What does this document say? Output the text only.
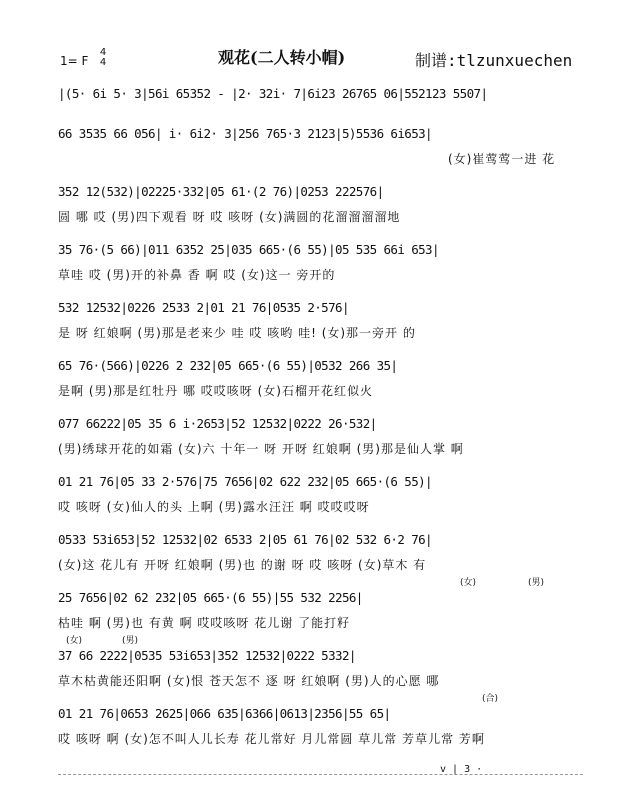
1= F
4
4	观花(二人转小帽)	制谱:tlzunxuechen
|(5· 6i 5· 3|56i 65352 - |2· 32i· 7|6i23 26765 06|552123 5507|
66 3535 66 056| i· 6i2· 3|256 765·3 2123|5)5536 6i653|
(女)崔莺莺一进 花
352 12(532)|02225·332|05 61·(2 76)|0253 222576|
圆 哪 哎 (男)四下观看 呀 哎 咳呀 (女)满圆的花溜溜溜溜地
35 76·(5 66)|011 6352 25|035 665·(6 55)|05 535 66i 653|
草哇 哎 (男)开的补鼻 香 啊 哎 (女)这一 旁开的
532 12532|0226 2533 2|01 21 76|0535 2·576|
是 呀 红娘啊 (男)那是老来少 哇 哎 咳哟 哇! (女)那一旁开 的
65 76·(566)|0226 2 232|05 665·(6 55)|0532 266 35|
是啊 (男)那是红牡丹 哪 哎哎咳呀 (女)石榴开花红似火
077 66222|05 35 6 i·2653|52 12532|0222 26·532|
(男)绣球开花的如霜 (女)六 十年一 呀 开呀 红娘啊 (男)那是仙人掌 啊
01 21 76|05 33 2·576|75 7656|02 622 232|05 665·(6 55)|
哎 咳呀 (女)仙人的头 上啊 (男)露水汪汪 啊 哎哎哎呀
0533 53i653|52 12532|02 6533 2|05 61 76|02 532 6·2 76|
(女)这 花儿有 开呀 红娘啊 (男)也 的谢 呀 哎 咳呀 (女)草木 有
(女)	(男)
25 7656|02 62 232|05 665·(6 55)|55 532 2256|
枯哇 啊 (男)也 有黄 啊 哎哎咳呀 花儿谢 了能打籽
(女)	(男)
37 66 2222|0535 53i653|352 12532|0222 5332|
草木枯黄能还阳啊 (女)恨 苍天怎不 逐 呀 红娘啊 (男)人的心愿 哪
(合)
01 21 76|0653 2625|066 635|6366|0613|2356|55 65|
哎 咳呀 啊 (女)怎不叫人儿长寿 花儿常好 月儿常圆 草儿常 芳草儿常 芳啊
v | 3 ·
